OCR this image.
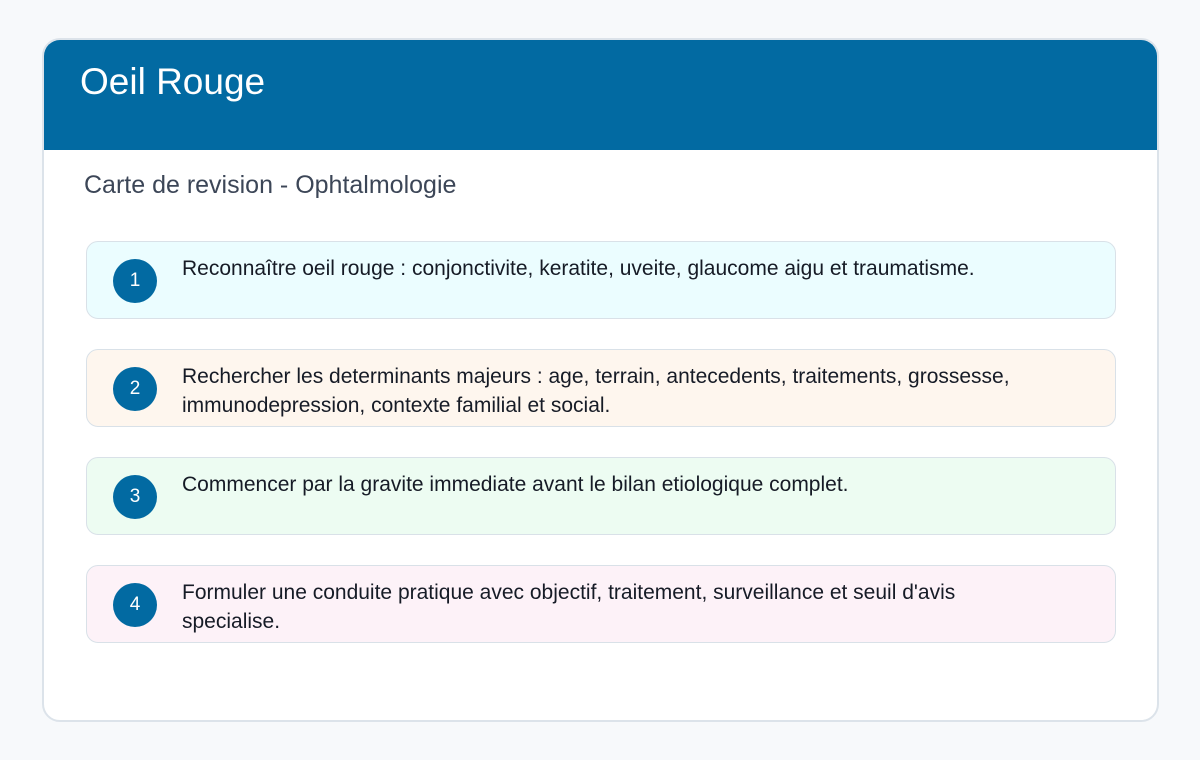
Oeil Rouge
Carte de revision - Ophtalmologie
1
Reconnaître oeil rouge : conjonctivite, keratite, uveite, glaucome aigu et traumatisme.
2
Rechercher les determinants majeurs : age, terrain, antecedents, traitements, grossesse, immunodepression, contexte familial et social.
3
Commencer par la gravite immediate avant le bilan etiologique complet.
4
Formuler une conduite pratique avec objectif, traitement, surveillance et seuil d'avis specialise.
